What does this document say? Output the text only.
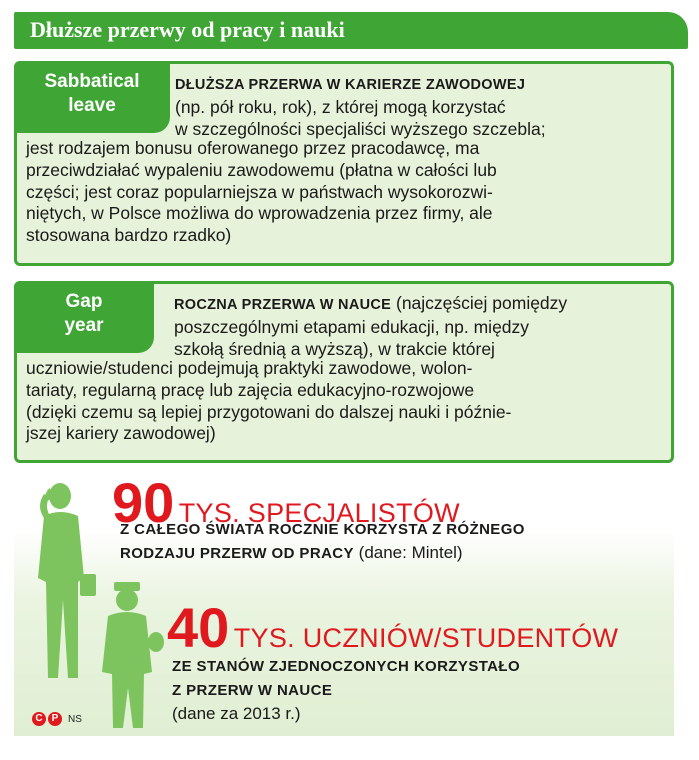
Dłuższe przerwy od pracy i nauki
Sabbatical
leave
DŁUŻSZA PRZERWA W KARIERZE ZAWODOWEJ
(np. pół roku, rok), z której mogą korzystać
w szczególności specjaliści wyższego szczebla;
jest rodzajem bonusu oferowanego przez pracodawcę, ma
przeciwdziałać wypaleniu zawodowemu (płatna w całości lub
części; jest coraz popularniejsza w państwach wysokorozwi-
niętych, w Polsce możliwa do wprowadzenia przez firmy, ale
stosowana bardzo rzadko)
Gap
year
ROCZNA PRZERWA W NAUCE (najczęściej pomiędzy
poszczególnymi etapami edukacji, np. między
szkołą średnią a wyższą), w trakcie której
uczniowie/studenci podejmują praktyki zawodowe, wolon-
tariaty, regularną pracę lub zajęcia edukacyjno-rozwojowe
(dzięki czemu są lepiej przygotowani do dalszej nauki i późnie-
jszej kariery zawodowej)
90 TYS. SPECJALISTÓW
Z CAŁEGO ŚWIATA ROCZNIE KORZYSTA Z RÓŻNEGO
RODZAJU PRZERW OD PRACY (dane: Mintel)
40 TYS. UCZNIÓW/STUDENTÓW
ZE STANÓW ZJEDNOCZONYCH KORZYSTAŁO
Z PRZERW W NAUCE
(dane za 2013 r.)
C P NS
